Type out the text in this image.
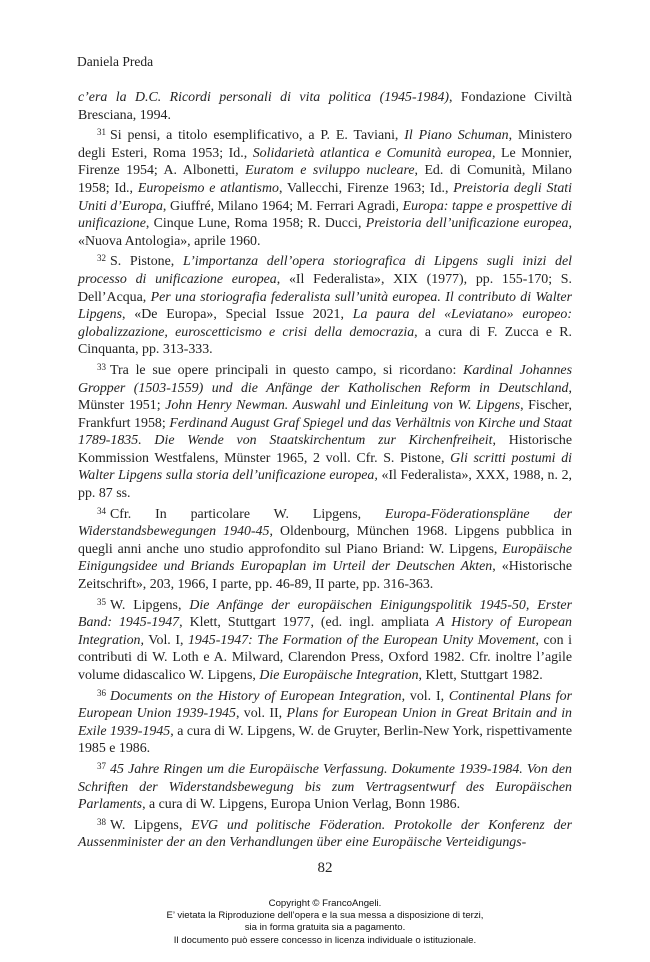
Daniela Preda

c’era la D.C. Ricordi personali di vita politica (1945-1984), Fondazione Civiltà Bresciana, 1994.

$^{31}$ Si pensi, a titolo esemplificativo, a P. E. Taviani, Il Piano Schuman, Ministero degli Esteri, Roma 1953; Id., Solidarietà atlantica e Comunità europea, Le Monnier, Firenze 1954; A. Albonetti, Euratom e sviluppo nucleare, Ed. di Comunità, Milano 1958; Id., Europeismo e atlantismo, Vallecchi, Firenze 1963; Id., Preistoria degli Stati Uniti d’Europa, Giuffré, Milano 1964; M. Ferrari Agradi, Europa: tappe e prospettive di unificazione, Cinque Lune, Roma 1958; R. Ducci, Preistoria dell’unificazione europea, «Nuova Antologia», aprile 1960.

$^{32}$ S. Pistone, L’importanza dell’opera storiografica di Lipgens sugli inizi del processo di unificazione europea, «Il Federalista», XIX (1977), pp. 155-170; S. Dell’Acqua, Per una storiografia federalista sull’unità europea. Il contributo di Walter Lipgens, «De Europa», Special Issue 2021, La paura del «Leviatano» europeo: globalizzazione, euroscetticismo e crisi della democrazia, a cura di F. Zucca e R. Cinquanta, pp. 313-333.

$^{33}$ Tra le sue opere principali in questo campo, si ricordano: Kardinal Johannes Gropper (1503-1559) und die Anfänge der Katholischen Reform in Deutschland, Münster 1951; John Henry Newman. Auswahl und Einleitung von W. Lipgens, Fischer, Frankfurt 1958; Ferdinand August Graf Spiegel und das Verhältnis von Kirche und Staat 1789-1835. Die Wende von Staatskirchentum zur Kirchenfreiheit, Historische Kommission Westfalens, Münster 1965, 2 voll. Cfr. S. Pistone, Gli scritti postumi di Walter Lipgens sulla storia dell’unificazione europea, «Il Federalista», XXX, 1988, n. 2, pp. 87 ss.

$^{34}$ Cfr. In particolare W. Lipgens, Europa-Föderationspläne der Widerstandsbewegungen 1940-45, Oldenbourg, München 1968. Lipgens pubblica in quegli anni anche uno studio approfondito sul Piano Briand: W. Lipgens, Europäische Einigungsidee und Briands Europaplan im Urteil der Deutschen Akten, «Historische Zeitschrift», 203, 1966, I parte, pp. 46-89, II parte, pp. 316-363.

$^{35}$ W. Lipgens, Die Anfänge der europäischen Einigungspolitik 1945-50, Erster Band: 1945-1947, Klett, Stuttgart 1977, (ed. ingl. ampliata A History of European Integration, Vol. I, 1945-1947: The Formation of the European Unity Movement, con i contributi di W. Loth e A. Milward, Clarendon Press, Oxford 1982. Cfr. inoltre l’agile volume didascalico W. Lipgens, Die Europäische Integration, Klett, Stuttgart 1982.

$^{36}$ Documents on the History of European Integration, vol. I, Continental Plans for European Union 1939-1945, vol. II, Plans for European Union in Great Britain and in Exile 1939-1945, a cura di W. Lipgens, W. de Gruyter, Berlin-New York, rispettivamente 1985 e 1986.

$^{37}$ 45 Jahre Ringen um die Europäische Verfassung. Dokumente 1939-1984. Von den Schriften der Widerstandsbewegung bis zum Vertragsentwurf des Europäischen Parlaments, a cura di W. Lipgens, Europa Union Verlag, Bonn 1986.

$^{38}$ W. Lipgens, EVG und politische Föderation. Protokolle der Konferenz der Aussenminister der an den Verhandlungen über eine Europäische Verteidigungs-

82
Copyright © FrancoAngeli.
E’ vietata la Riproduzione dell’opera e la sua messa a disposizione di terzi,
sia in forma gratuita sia a pagamento.
Il documento può essere concesso in licenza individuale o istituzionale.
